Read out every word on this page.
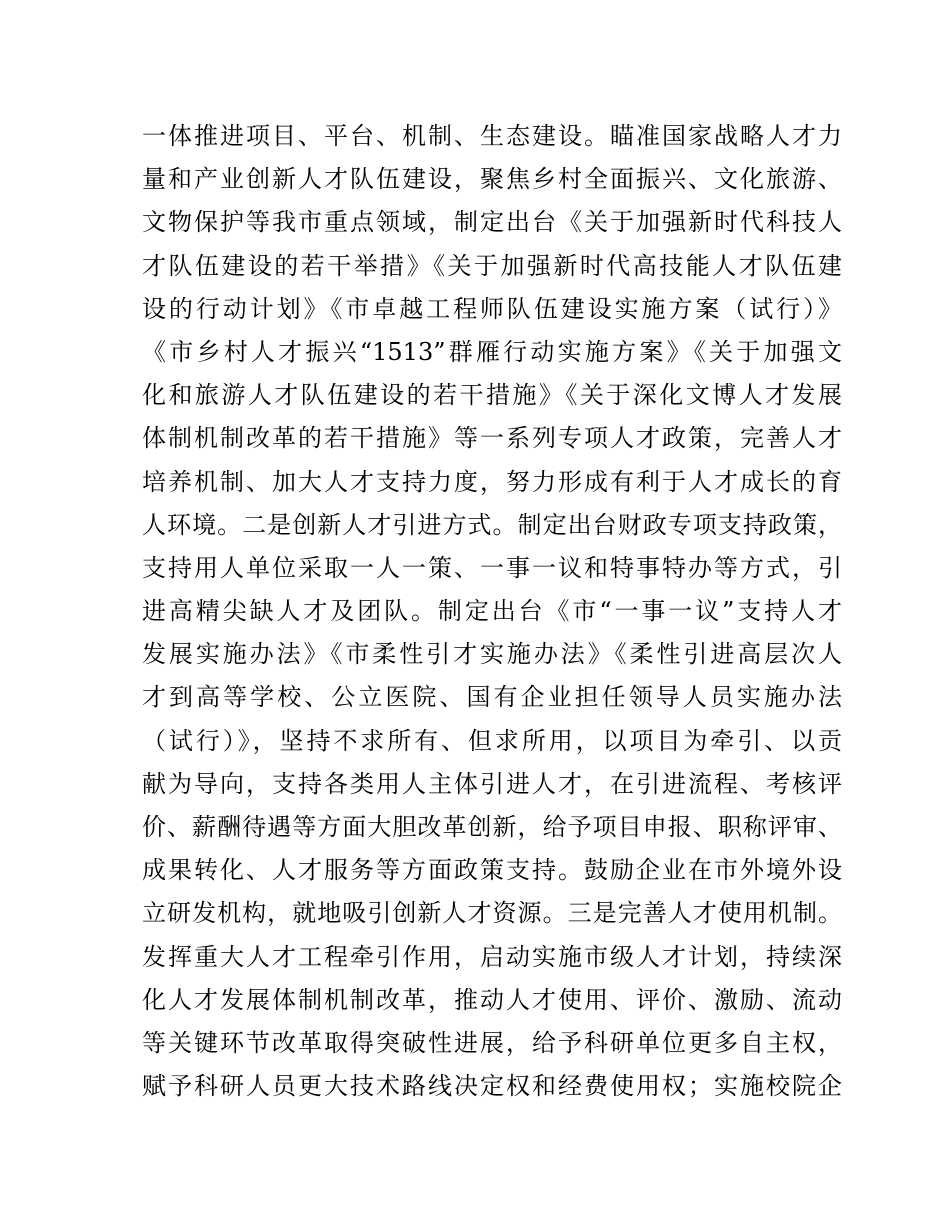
一体推进项目、平台、机制、生态建设。瞄准国家战略人才力
量和产业创新人才队伍建设，聚焦乡村全面振兴、文化旅游、
文物保护等我市重点领域，制定出台《关于加强新时代科技人
才队伍建设的若干举措》《关于加强新时代高技能人才队伍建
设的行动计划》《市卓越工程师队伍建设实施方案（试行）》
《市乡村人才振兴“1513”群雁行动实施方案》《关于加强文
化和旅游人才队伍建设的若干措施》《关于深化文博人才发展
体制机制改革的若干措施》等一系列专项人才政策，完善人才
培养机制、加大人才支持力度，努力形成有利于人才成长的育
人环境。二是创新人才引进方式。制定出台财政专项支持政策，
支持用人单位采取一人一策、一事一议和特事特办等方式，引
进高精尖缺人才及团队。制定出台《市“一事一议”支持人才
发展实施办法》《市柔性引才实施办法》《柔性引进高层次人
才到高等学校、公立医院、国有企业担任领导人员实施办法
（试行）》，坚持不求所有、但求所用，以项目为牵引、以贡
献为导向，支持各类用人主体引进人才，在引进流程、考核评
价、薪酬待遇等方面大胆改革创新，给予项目申报、职称评审、
成果转化、人才服务等方面政策支持。鼓励企业在市外境外设
立研发机构，就地吸引创新人才资源。三是完善人才使用机制。
发挥重大人才工程牵引作用，启动实施市级人才计划，持续深
化人才发展体制机制改革，推动人才使用、评价、激励、流动
等关键环节改革取得突破性进展，给予科研单位更多自主权，
赋予科研人员更大技术路线决定权和经费使用权；实施校院企
